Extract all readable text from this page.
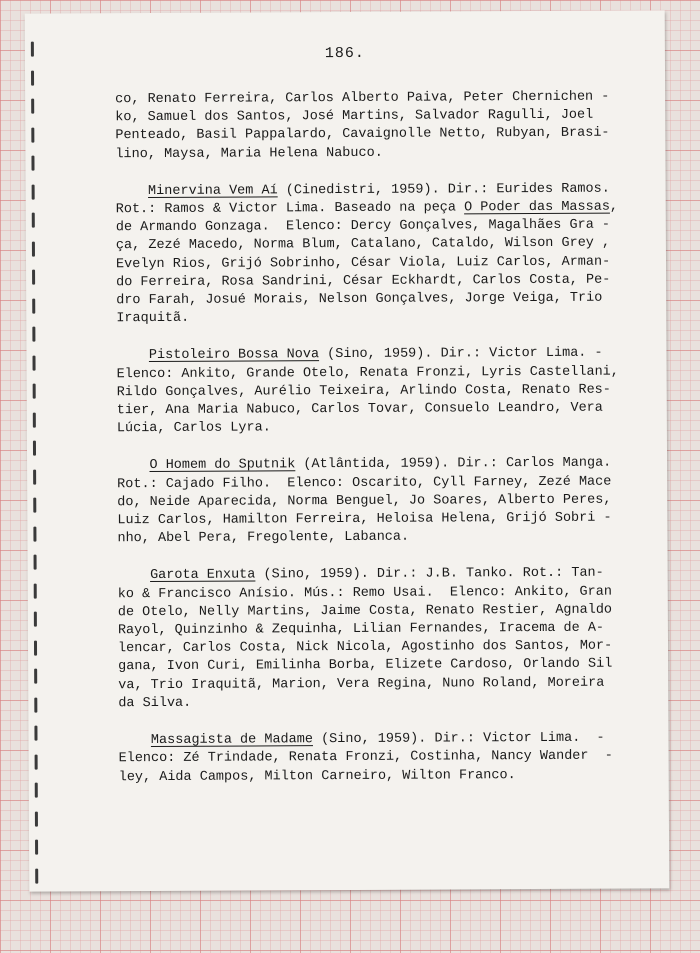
186.
co, Renato Ferreira, Carlos Alberto Paiva, Peter Chernichen -
ko, Samuel dos Santos, José Martins, Salvador Ragulli, Joel
Penteado, Basil Pappalardo, Cavaignolle Netto, Rubyan, Brasi-
lino, Maysa, Maria Helena Nabuco.
Minervina Vem Aí (Cinedistri, 1959). Dir.: Eurides Ramos.
Rot.: Ramos & Victor Lima. Baseado na peça O Poder das Massas,
de Armando Gonzaga.  Elenco: Dercy Gonçalves, Magalhães Gra -
ça, Zezé Macedo, Norma Blum, Catalano, Cataldo, Wilson Grey ,
Evelyn Rios, Grijó Sobrinho, César Viola, Luiz Carlos, Arman-
do Ferreira, Rosa Sandrini, César Eckhardt, Carlos Costa, Pe-
dro Farah, Josué Morais, Nelson Gonçalves, Jorge Veiga, Trio
Iraquitã.
Pistoleiro Bossa Nova (Sino, 1959). Dir.: Victor Lima. -
Elenco: Ankito, Grande Otelo, Renata Fronzi, Lyris Castellani,
Rildo Gonçalves, Aurélio Teixeira, Arlindo Costa, Renato Res-
tier, Ana Maria Nabuco, Carlos Tovar, Consuelo Leandro, Vera
Lúcia, Carlos Lyra.
O Homem do Sputnik (Atlântida, 1959). Dir.: Carlos Manga.
Rot.: Cajado Filho.  Elenco: Oscarito, Cyll Farney, Zezé Mace
do, Neide Aparecida, Norma Benguel, Jo Soares, Alberto Peres,
Luiz Carlos, Hamilton Ferreira, Heloisa Helena, Grijó Sobri -
nho, Abel Pera, Fregolente, Labanca.
Garota Enxuta (Sino, 1959). Dir.: J.B. Tanko. Rot.: Tan-
ko & Francisco Anísio. Mús.: Remo Usai.  Elenco: Ankito, Gran
de Otelo, Nelly Martins, Jaime Costa, Renato Restier, Agnaldo
Rayol, Quinzinho & Zequinha, Lilian Fernandes, Iracema de A-
lencar, Carlos Costa, Nick Nicola, Agostinho dos Santos, Mor-
gana, Ivon Curi, Emilinha Borba, Elizete Cardoso, Orlando Sil
va, Trio Iraquitã, Marion, Vera Regina, Nuno Roland, Moreira
da Silva.
Massagista de Madame (Sino, 1959). Dir.: Victor Lima.  -
Elenco: Zé Trindade, Renata Fronzi, Costinha, Nancy Wander  -
ley, Aida Campos, Milton Carneiro, Wilton Franco.
